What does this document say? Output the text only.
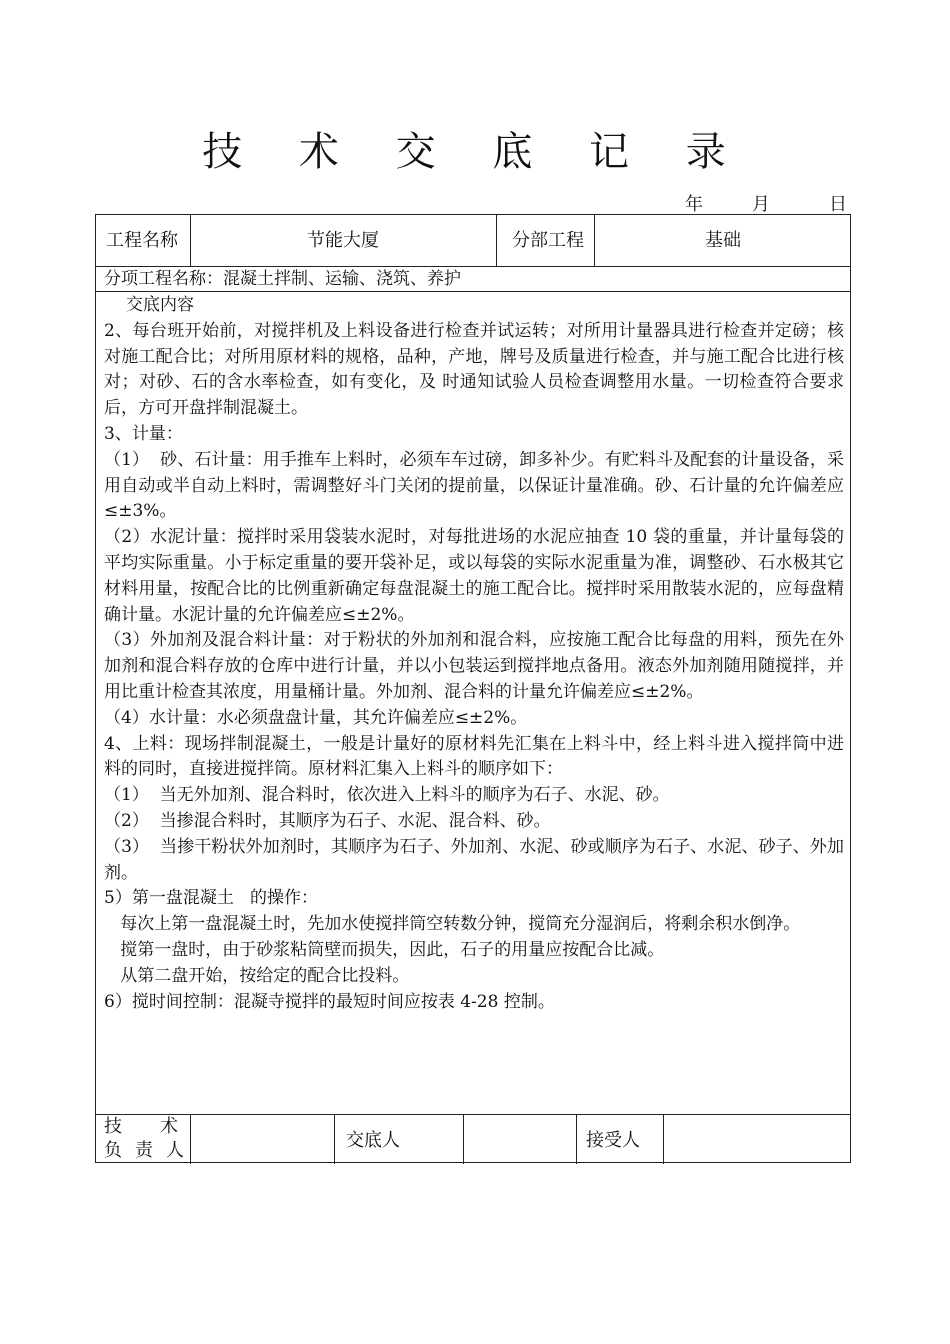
技 术 交 底 记 录
年	月	日
工程名称	节能大厦	分部工程	基础
分项工程名称：混凝土拌制、运输、浇筑、养护

交底内容

2、每台班开始前，对搅拌机及上料设备进行检查并试运转；对所用计量器具进行检查并定磅；核对施工配合比；对所用原材料的规格，品种，产地，牌号及质量进行检查，并与施工配合比进行核对；对砂、石的含水率检查，如有变化，及 时通知试验人员检查调整用水量。一切检查符合要求后，方可开盘拌制混凝土。

3、计量：

（1）  砂、石计量：用手推车上料时，必须车车过磅，卸多补少。有贮料斗及配套的计量设备，采用自动或半自动上料时，需调整好斗门关闭的提前量，以保证计量准确。砂、石计量的允许偏差应≤±3%。

（2）水泥计量：搅拌时采用袋装水泥时，对每批进场的水泥应抽查 10 袋的重量，并计量每袋的平均实际重量。小于标定重量的要开袋补足，或以每袋的实际水泥重量为准，调整砂、石水极其它材料用量，按配合比的比例重新确定每盘混凝土的施工配合比。搅拌时采用散装水泥的，应每盘精确计量。水泥计量的允许偏差应≤±2%。

（3）外加剂及混合料计量：对于粉状的外加剂和混合料，应按施工配合比每盘的用料，预先在外加剂和混合料存放的仓库中进行计量，并以小包装运到搅拌地点备用。液态外加剂随用随搅拌，并用比重计检查其浓度，用量桶计量。外加剂、混合料的计量允许偏差应≤±2%。

（4）水计量：水必须盘盘计量，其允许偏差应≤±2%。

4、上料：现场拌制混凝土，一般是计量好的原材料先汇集在上料斗中，经上料斗进入搅拌筒中进料的同时，直接进搅拌筒。原材料汇集入上料斗的顺序如下：

（1）  当无外加剂、混合料时，依次进入上料斗的顺序为石子、水泥、砂。

（2）  当掺混合料时，其顺序为石子、水泥、混合料、砂。

（3）  当掺干粉状外加剂时，其顺序为石子、外加剂、水泥、砂或顺序为石子、水泥、砂子、外加剂。

5）第一盘混凝土   的操作：

每次上第一盘混凝土时，先加水使搅拌筒空转数分钟，搅筒充分湿润后，将剩余积水倒净。

搅第一盘时，由于砂浆粘筒壁而损失，因此，石子的用量应按配合比减。

从第二盘开始，按给定的配合比投料。

6）搅时间控制：混凝寺搅拌的最短时间应按表 4-28 控制。

技 术
负 责 人	交底人	接受人
